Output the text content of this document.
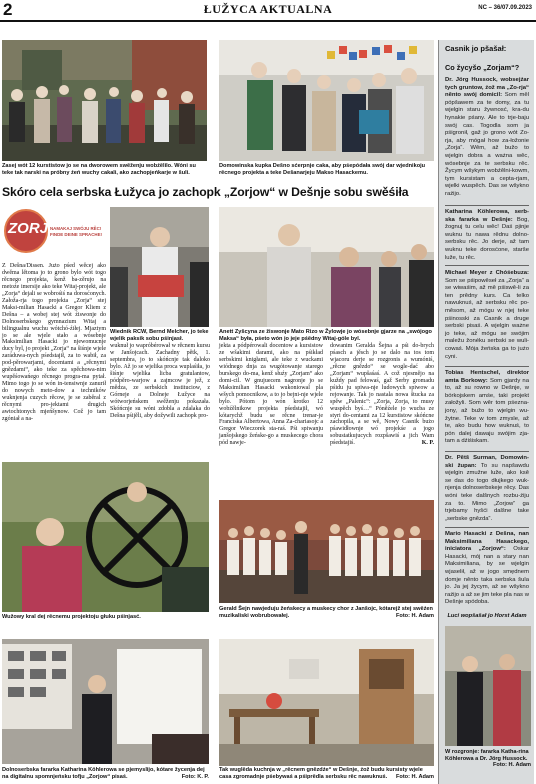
2	ŁUŽYCA AKTUALNA	NC – 36/07.09.2023
Zasej wót 12 kurstistow jo se na dworowem swěženju wobźělilo. Wóni su teke tak narski na próbny źeń wuchy cakali, ako zachopjeńkarje w šuli.
Domowinska kupka Dešno sćerpnje caka, aby pśepódała swój dar wjednikoju rěcnego projekta a teke Dešanarjeju Makso Hasackemu.
Skóro cela serbska Łužyca jo zachopk „Zorjow“ w Dešnje sobu swěśiła
ZORJA
NAMAKAJ SWÓJU RĚC!
FINDE DEINE SPRACHE!
Z Dešna/Dissen. Jużo pśed wěcej ako dwěma lětoma jo to grono bylo wót togo rěcnego projekta, kenž ba-zěrujo na metoźe imersije ako teke Witaj-projekt, ale „Zorja“ dejali se wobrośiś na dorosćonych. Załoža-rja togo projekta „Zorja“ stej Maksi-milian Hasacki a Gregor Kliem z Dešna – a wobej stej wót źiswonje do Dolnoserbskego gymnazium Witaj a bilingualnu wuchu wótchó-źiłej. Mjaztym jo se ale wjele stało a wósebnje Maksimilian Hasacki jo njewomucnje ducy byl, jo projekt „Zorja“ na šiśnje wjele zaráduwa-nych pśedstajił, za to wabił, za pod-pěrowarjami, docentami a „rěcnymi gnězdami“, ako teke za spěchowa-nim wupěśowańego rěcnego progra-ma pytał. Mimo togo jo se wón in-tensiwnje zanurił do nowych meto-dow a techników wuknjenja cuzych rěcow, je se zaběral z rěcnymi pro-jektami drugich awtochtonych mjeńšynow. Což jo tam zgóniał a na-
Wiednik RCW, Bernd Melcher, jo teke wjelik paksik sobu pśinjasł.
Anett Zyšcyna ze žiswonje Mato Rizo w Žylowje jo wósebnje gjarze na „swójogo Maksa“ była, pśeto wón jo jeje pśědny Witaj-góle byl.
wuknuł jo wapróbérował w rěcnem kursu w Janšojcach. Zachadny pětk, 1. septembra, jo to skóńcnje tak daloko bylo. Až jo se wjelika proca wuplaśiła, jo šiśnje wjelika licba gratulantow, pódpěro-warjow a zajmcow je jež, z mědza, ze serbskich instituciow, z Górnejе a Dolnejе Łužyce na wótworjeńskem swěženju pokazała. Skóńcnje su wóni zdobla a zdalaka do Dešna pśijěli, aby dožywili zachopk pro-
jekta a pódpérowali docentow a kursistow ze wšakimi darami, ako na pśikład serbskimi knigłami, ale teke z wuckami wiódnego dnja za wugótowanje starego burskego do-ma, kenž słuźy „Zorjam“ ako domi-cil. W gnujuecem nagronje jo se Maksimilian Hasacki wukoniowal pla wšych pomocnikow, a to jo bejni-nje wjele bylo. Pótom jo wón krotko 12 wobźělnikow projekta pśedstajił, wó kótarychž budu se rěcne trenar-je Franciska Albertowa, Anna Za-chariasojc a Gregor Wieczorek sta-raś. Pśi spiwanju janšojskego žeńske-go a muskecego chora pód nawje-
dowanim Geralda Šejna a pśi do-brych pśasch a jěsch jo se dalo na tos tom wjacoru derje se rozgronis a wumóniś, „rěcne gnězdo“ se wogle-dać abo „Zorjam“ wupšaśaś. A což njesmějo na kuždy pad felowaś, gaž Serby gromadu pśidu ju spiwa-nje ludowych spiwow a rejowanje. Tak jo nastala nowa štucka za spěw „Palenic“: „Zorja, Zorja, to musy wuspěch byś…“ Póněźele jo wucba ze styri do-centami za 12 kurstistow skóńcne zachopila, a se wě, Nowy Casnik bużo pśawidłownje wó projekśe a jogo sobustatkujucych rozpšawiś a jich Wam pśedstajiś.	K. P.
Wužowy kral dej rěcnemu projektoju głuku pśinjasć.
Gerald Šejn nawjeduju žeńskecy a muskecy chor z Janšojc, kótarejž stej swěźen muzikaliski wobrubowałej.	Foto: H. Adam
Dolnoserbska fararka Katharina Köhlerowa se pjemyslijo, kótare žycenja dej na digitalnu spomnjeńsku tofju „Zorjow“ pisaś.	Foto: K. P.
Tak wuglěda kuchnja w „rěcnem gnězdźe“ w Dešnje, źož budu kursisty wjele casa zgromadnje pśebywaś a pśiprědla serbsku rěc nawuknuś. Foto: H. Adam
Casnik jo pšašał:
Co žycyšo „Zorjam“?
Dr. Jörg Hussock, wobsejźar tych gruntow, źož ma „Zo-rja“ něnto swój domicil: Som měl pópšawem za te domy, za tu wjelgin staru žywnosć, kra-du hynakie pśany. Ale to trje-baju swój cas. Togodla som ja pśigronił, gaž jo grono wót Zo-rja, aby mógał how za-łožonie „Zorja“. Wěm, až bužo to wjelgin dobra a ważna wěc, wósebnje za te serbsku rěc. Žycym wšykym wobźělni-kowm, tym kursistam a cepta-rjam, wjelki wuspěch. Das se wšykno raźijo.
Katharina Köhlerowa, serb-ska fararka w Dešnje: Bog, žognuj tu celu wěc! Daś pjinje wuknu tu nawa rědnu dolno-serbsku rěc. Jo derje, až tam wuknu teke dorosćone, starše luže, tu rěc.
Michael Meyer z Chóśebuza: Som se pśipowěseł za „Zorja“ a se wiwaśim, až mě pśiswě-li za ten prědny kurs. Ca telko nawuknuś, až serbsku rěc po-měsom, až mógu w njej teke pśinosski za Casnik a druge serbski pisaś. A wjelgin ważne jo teke, až mógu se swójim maležu žonéku serbski se wuli-cowaś. Mója žeńska ga to jużo cyni.
Tobias Hentschel, direktor amta Borkowy: Som gjardy na to, až su rowno w Dešnje, w bórkojskem amśe, taki projekt załožyli. Som wěr tom pśezna-jony, až bužo to wjelgin wu-žytne. Teke w tom zmysle, až te, ako budu how wuknuś, to pón dalej dawaju swójim zja-tam a dźiśiskam.
Dr. Pětš Surman, Domowin-ski župan: To su napšawdu wjelgin zmužne luže, ako ksě se das do togo dłujkego wuk-njenja dolnoserbskeje rěcy. Das wóni teke dalšnych rozbu-źiju za to. Mimo „Zorjow“ ga trjebamy hyšći dalšne take „serbske gnězda“.
Mario Hasacki z Dešna, nan Maksimiliana Hasackego, iniciatora „Zorjow“: Oskar Hasacki, mój nan a stary nan Maksimiliana, by se wjelgin wjaselił, až w jogo smędnem domje něnto taka serbska šula jo. Ja jej žycym, až se wšykno raźijo a až se jim teke pla nas w Dešnje spódoba.
Luci wopšašał jo Horst Adam
W rozgronje: fararka Katha-rina Köhlerowa a Dr. Jörg Hussock.
Foto: H. Adam
